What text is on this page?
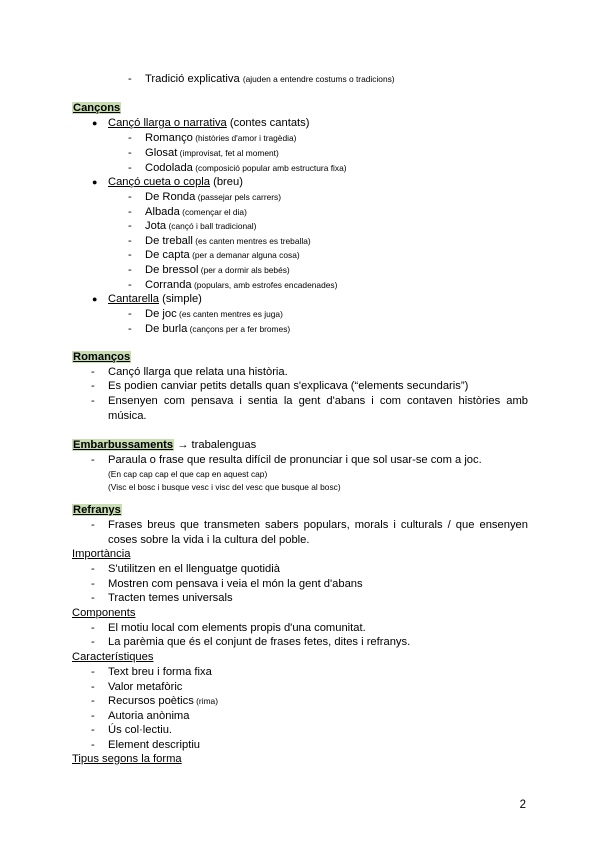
- Tradició explicativa (ajuden a entendre costums o tradicions)
Cançons
● Cançó llarga o narrativa (contes cantats)
- Romanço (històries d'amor i tragèdia)
- Glosat (improvisat, fet al moment)
- Codolada (composició popular amb estructura fixa)
● Cançó cueta o copla (breu)
- De Ronda (passejar pels carrers)
- Albada (començar el dia)
- Jota (cançó i ball tradicional)
- De treball (es canten mentres es treballa)
- De capta (per a demanar alguna cosa)
- De bressol (per a dormir als bebés)
- Corranda (populars, amb estrofes encadenades)
● Cantarella (simple)
- De joc (es canten mentres es juga)
- De burla (cançons per a fer bromes)
Romanços
- Cançó llarga que relata una història.
- Es podien canviar petits detalls quan s'explicava (“elements secundaris”)
- Ensenyen com pensava i sentia la gent d'abans i com contaven històries amb música.
Embarbussaments → trabalenguas
- Paraula o frase que resulta difícil de pronunciar i que sol usar-se com a joc.
(En cap cap cap el que cap en aquest cap)
(Visc el bosc i busque vesc i visc del vesc que busque al bosc)
Refranys
- Frases breus que transmeten sabers populars, morals i culturals / que ensenyen coses sobre la vida i la cultura del poble.
Importància
- S'utilitzen en el llenguatge quotidià
- Mostren com pensava i veia el món la gent d'abans
- Tracten temes universals
Components
- El motiu local com elements propis d'una comunitat.
- La parèmia que és el conjunt de frases fetes, dites i refranys.
Característiques
- Text breu i forma fixa
- Valor metafòric
- Recursos poètics (rima)
- Autoria anònima
- Ús col·lectiu.
- Element descriptiu
Tipus segons la forma
2
